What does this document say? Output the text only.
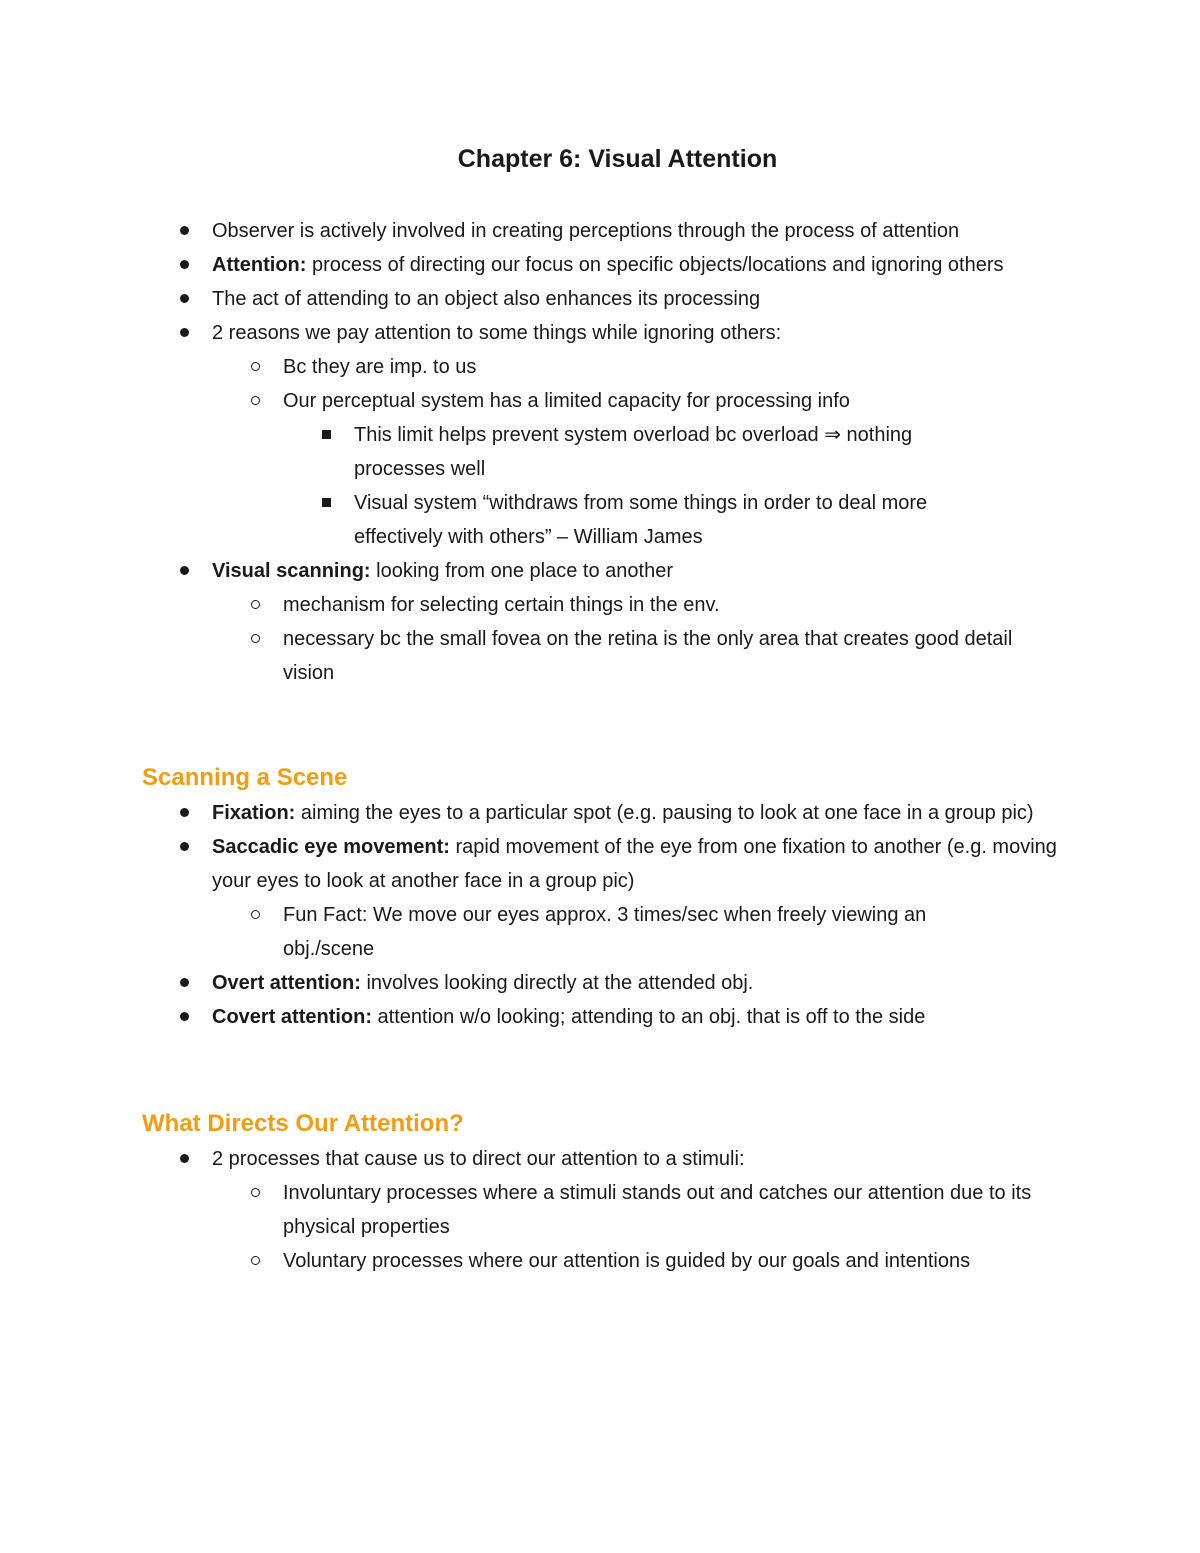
Chapter 6: Visual Attention
Observer is actively involved in creating perceptions through the process of attention
Attention: process of directing our focus on specific objects/locations and ignoring others
The act of attending to an object also enhances its processing
2 reasons we pay attention to some things while ignoring others:
Bc they are imp. to us
Our perceptual system has a limited capacity for processing info
This limit helps prevent system overload bc overload ⇒ nothing processes well
Visual system “withdraws from some things in order to deal more effectively with others” – William James
Visual scanning: looking from one place to another
mechanism for selecting certain things in the env.
necessary bc the small fovea on the retina is the only area that creates good detail vision
Scanning a Scene
Fixation: aiming the eyes to a particular spot (e.g. pausing to look at one face in a group pic)
Saccadic eye movement: rapid movement of the eye from one fixation to another (e.g. moving your eyes to look at another face in a group pic)
Fun Fact: We move our eyes approx. 3 times/sec when freely viewing an obj./scene
Overt attention: involves looking directly at the attended obj.
Covert attention: attention w/o looking; attending to an obj. that is off to the side
What Directs Our Attention?
2 processes that cause us to direct our attention to a stimuli:
Involuntary processes where a stimuli stands out and catches our attention due to its physical properties
Voluntary processes where our attention is guided by our goals and intentions
